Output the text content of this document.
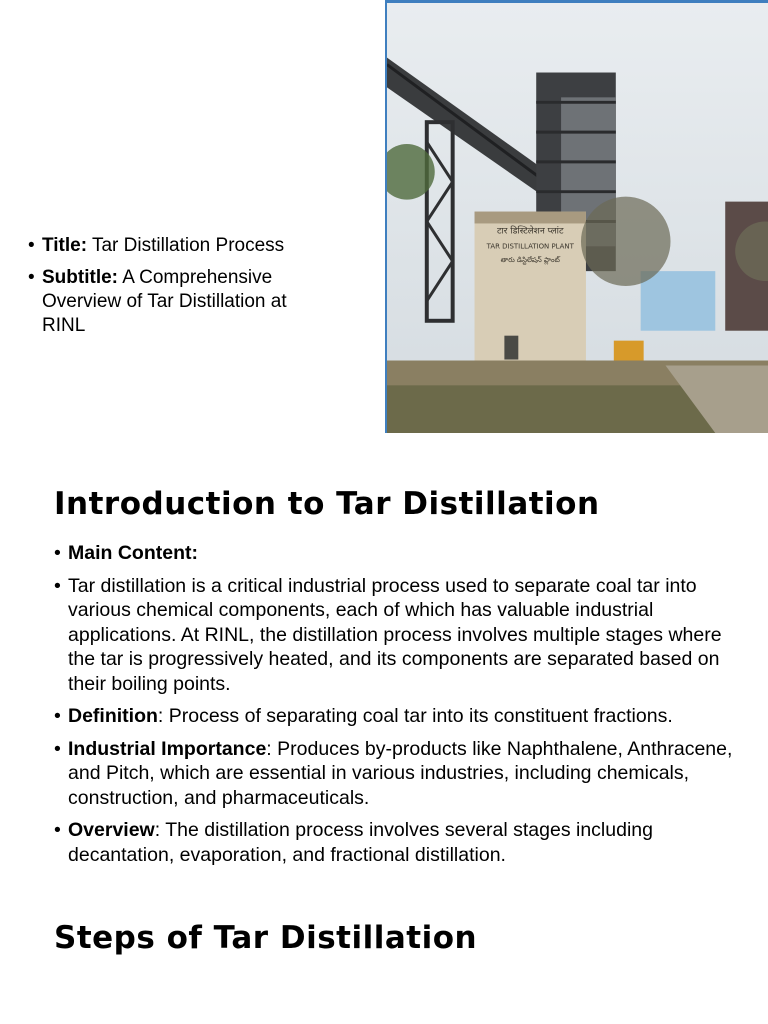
• Title: Tar Distillation Process
• Subtitle: A Comprehensive Overview of Tar Distillation at RINL
टार डिस्टिलेशन प्लांट
TAR DISTILLATION PLANT
తారు డిస్టిలేషన్ ప్లాంట్
Introduction to Tar Distillation
• Main Content:
• Tar distillation is a critical industrial process used to separate coal tar into various chemical components, each of which has valuable industrial applications. At RINL, the distillation process involves multiple stages where the tar is progressively heated, and its components are separated based on their boiling points.
• Definition: Process of separating coal tar into its constituent fractions.
• Industrial Importance: Produces by-products like Naphthalene, Anthracene, and Pitch, which are essential in various industries, including chemicals, construction, and pharmaceuticals.
• Overview: The distillation process involves several stages including decantation, evaporation, and fractional distillation.
Steps of Tar Distillation
